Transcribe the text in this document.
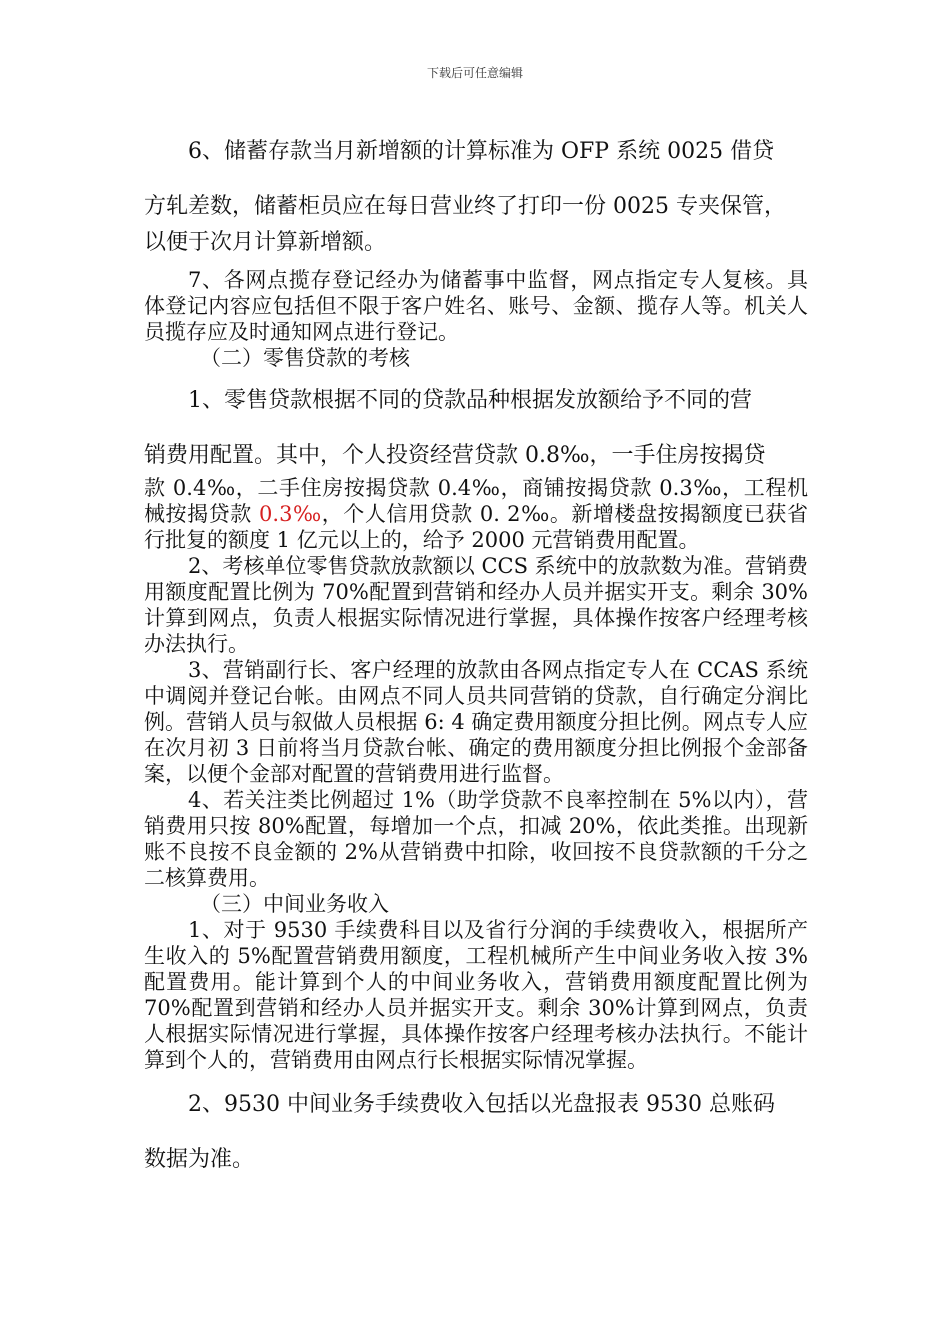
下载后可任意编辑

6、储蓄存款当月新增额的计算标准为 OFP 系统 0025 借贷

方轧差数，储蓄柜员应在每日营业终了打印一份 0025 专夹保管，

以便于次月计算新增额。

7、各网点揽存登记经办为储蓄事中监督，网点指定专人复核。具体登记内容应包括但不限于客户姓名、账号、金额、揽存人等。机关人员揽存应及时通知网点进行登记。

（二）零售贷款的考核

1、零售贷款根据不同的贷款品种根据发放额给予不同的营

销费用配置。其中，个人投资经营贷款 0.8‰，一手住房按揭贷

款 0.4‰，二手住房按揭贷款 0.4‰，商铺按揭贷款 0.3‰，工程机械按揭贷款 0.3‰，个人信用贷款 0. 2‰。新增楼盘按揭额度已获省行批复的额度 1 亿元以上的，给予 2000 元营销费用配置。

2、考核单位零售贷款放款额以 CCS 系统中的放款数为准。营销费用额度配置比例为 70%配置到营销和经办人员并据实开支。剩余 30%计算到网点，负责人根据实际情况进行掌握，具体操作按客户经理考核办法执行。

3、营销副行长、客户经理的放款由各网点指定专人在 CCAS 系统中调阅并登记台帐。由网点不同人员共同营销的贷款，自行确定分润比例。营销人员与叙做人员根据 6: 4 确定费用额度分担比例。网点专人应在次月初 3 日前将当月贷款台帐、确定的费用额度分担比例报个金部备案，以便个金部对配置的营销费用进行监督。

4、若关注类比例超过 1%（助学贷款不良率控制在 5%以内），营销费用只按 80%配置，每增加一个点，扣减 20%，依此类推。出现新账不良按不良金额的 2%从营销费中扣除，收回按不良贷款额的千分之二核算费用。

（三）中间业务收入

1、对于 9530 手续费科目以及省行分润的手续费收入，根据所产生收入的 5%配置营销费用额度，工程机械所产生中间业务收入按 3%配置费用。能计算到个人的中间业务收入，营销费用额度配置比例为 70%配置到营销和经办人员并据实开支。剩余 30%计算到网点，负责人根据实际情况进行掌握，具体操作按客户经理考核办法执行。不能计算到个人的，营销费用由网点行长根据实际情况掌握。

2、9530 中间业务手续费收入包括以光盘报表 9530 总账码

数据为准。
